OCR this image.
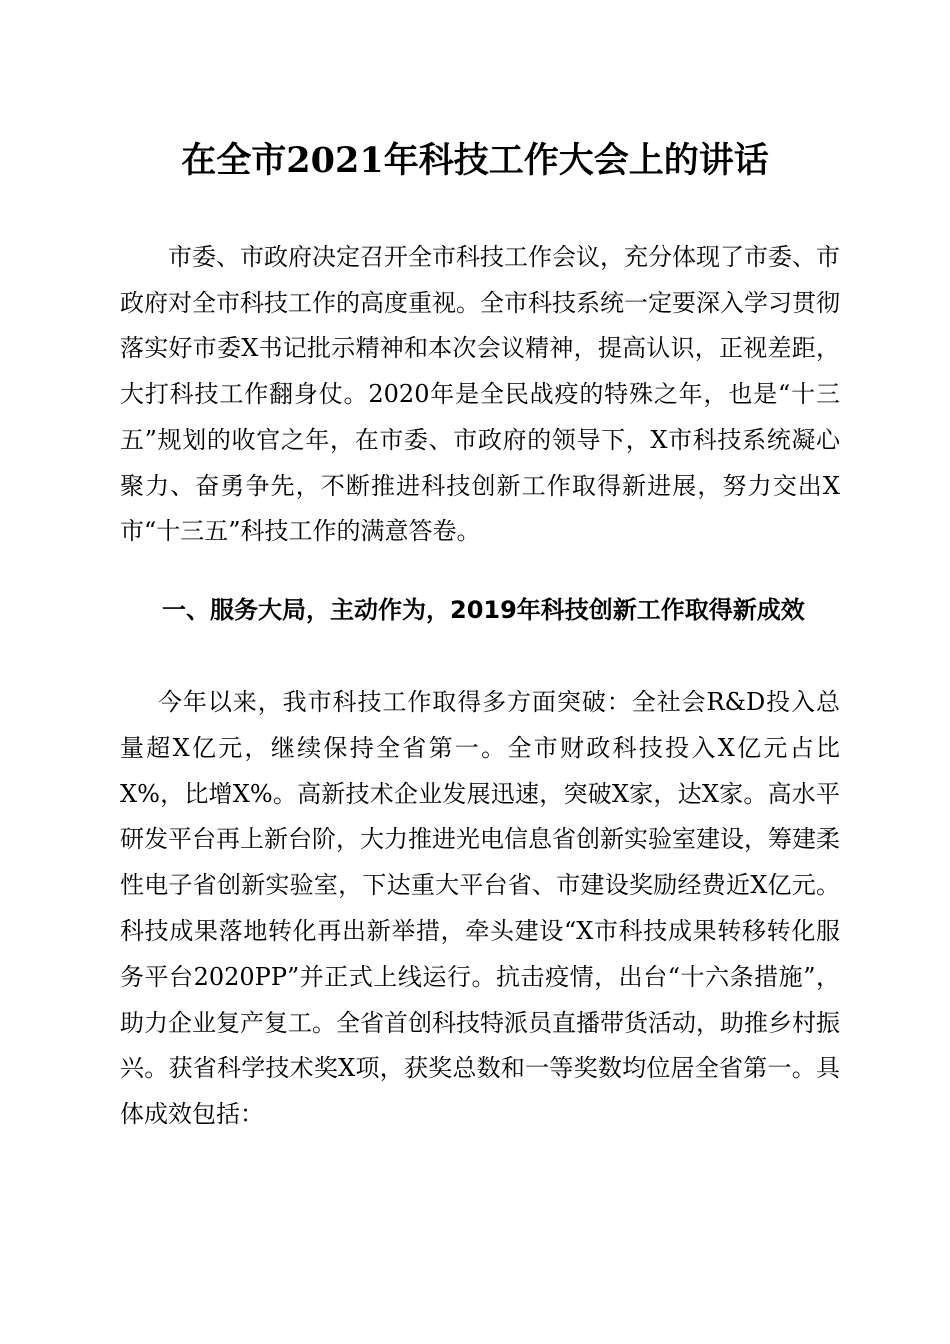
在全市2021年科技工作大会上的讲话

市委、市政府决定召开全市科技工作会议，充分体现了市委、市政府对全市科技工作的高度重视。全市科技系统一定要深入学习贯彻落实好市委X书记批示精神和本次会议精神，提高认识，正视差距，大打科技工作翻身仗。2020年是全民战疫的特殊之年，也是“十三五”规划的收官之年，在市委、市政府的领导下，X市科技系统凝心聚力、奋勇争先，不断推进科技创新工作取得新进展，努力交出X市“十三五”科技工作的满意答卷。

一、服务大局，主动作为，2019年科技创新工作取得新成效

今年以来，我市科技工作取得多方面突破：全社会R&D投入总量超X亿元，继续保持全省第一。全市财政科技投入X亿元占比X%，比增X%。高新技术企业发展迅速，突破X家，达X家。高水平研发平台再上新台阶，大力推进光电信息省创新实验室建设，筹建柔性电子省创新实验室，下达重大平台省、市建设奖励经费近X亿元。科技成果落地转化再出新举措，牵头建设“X市科技成果转移转化服务平台2020PP”并正式上线运行。抗击疫情，出台“十六条措施”，助力企业复产复工。全省首创科技特派员直播带货活动，助推乡村振兴。获省科学技术奖X项，获奖总数和一等奖数均位居全省第一。具体成效包括：
